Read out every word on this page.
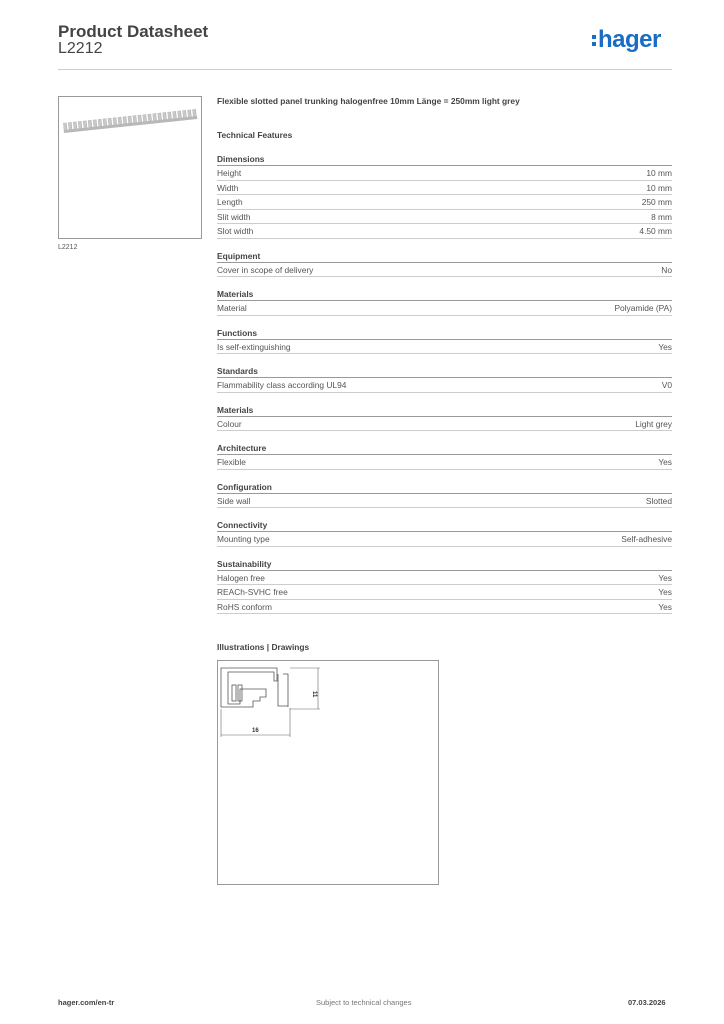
Product Datasheet
L2212	hager
L2212
Flexible slotted panel trunking halogenfree 10mm Länge = 250mm light grey
Technical Features
Dimensions
Height	10 mm
Width	10 mm
Length	250 mm
Slit width	8 mm
Slot width	4.50 mm
Equipment
Cover in scope of delivery	No
Materials
Material	Polyamide (PA)
Functions
Is self-extinguishing	Yes
Standards
Flammability class according UL94	V0
Materials
Colour	Light grey
Architecture
Flexible	Yes
Configuration
Side wall	Slotted
Connectivity
Mounting type	Self-adhesive
Sustainability
Halogen free	Yes
REACh-SVHC free	Yes
RoHS conform	Yes
Illustrations | Drawings
16
11
hager.com/en-tr	Subject to technical changes	07.03.2026
